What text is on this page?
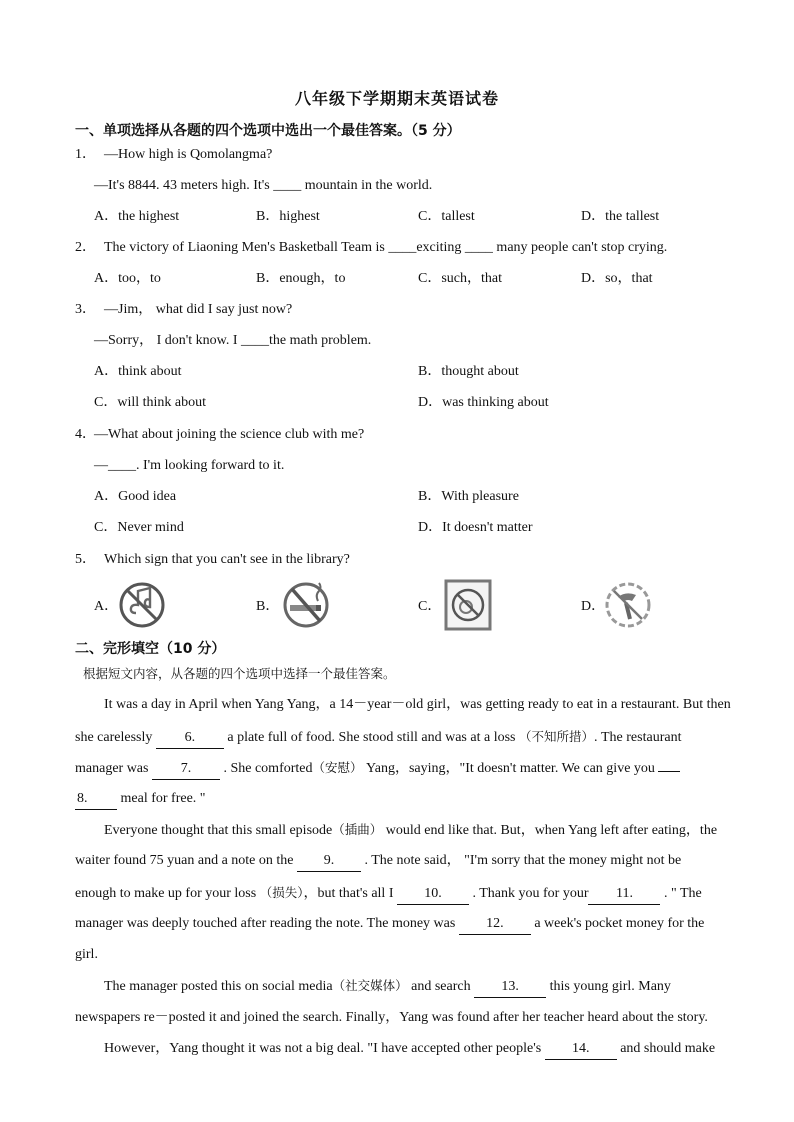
八年级下学期期末英语试卷
一、单项选择从各题的四个选项中选出一个最佳答案。（5 分）
1． —How high is Qomolangma?
—It's 8844. 43 meters high. It's ____ mountain in the world.
A．the highest	B．highest	C．tallest	D．the tallest
2． The victory of Liaoning Men's Basketball Team is ____exciting ____ many people can't stop crying.
A．too，to	B．enough，to	C．such，that	D．so，that
3． —Jim， what did I say just now?
—Sorry， I don't know. I ____the math problem.
A．think about	B．thought about
C．will think about	D．was thinking about
4．
—What about joining the science club with me?
—____. I'm looking forward to it.
A．Good idea	B．With pleasure
C．Never mind	D．It doesn't matter
5． Which sign that you can't see in the library?
A．	B．	C．	D．
二、完形填空（10 分）
根据短文内容，从各题的四个选项中选择一个最佳答案。
It was a day in April when Yang Yang，a 14－year－old girl，was getting ready to eat in a restaurant. But then
she carelessly 6. a plate full of food. She stood still and was at a loss （不知所措）. The restaurant
manager was 7. . She comforted（安慰） Yang，saying，"It doesn't matter. We can give you
8. meal for free. "
Everyone thought that this small episode（插曲） would end like that. But，when Yang left after eating，the
waiter found 75 yuan and a note on the 9. . The note said， "I'm sorry that the money might not be
enough to make up for your loss （损失），but that's all I 10. . Thank you for your 11. . " The
manager was deeply touched after reading the note. The money was 12. a week's pocket money for the
girl.
The manager posted this on social media（社交媒体） and search 13. this young girl. Many
newspapers re－posted it and joined the search. Finally，Yang was found after her teacher heard about the story.
However，Yang thought it was not a big deal. "I have accepted other people's 14. and should make
